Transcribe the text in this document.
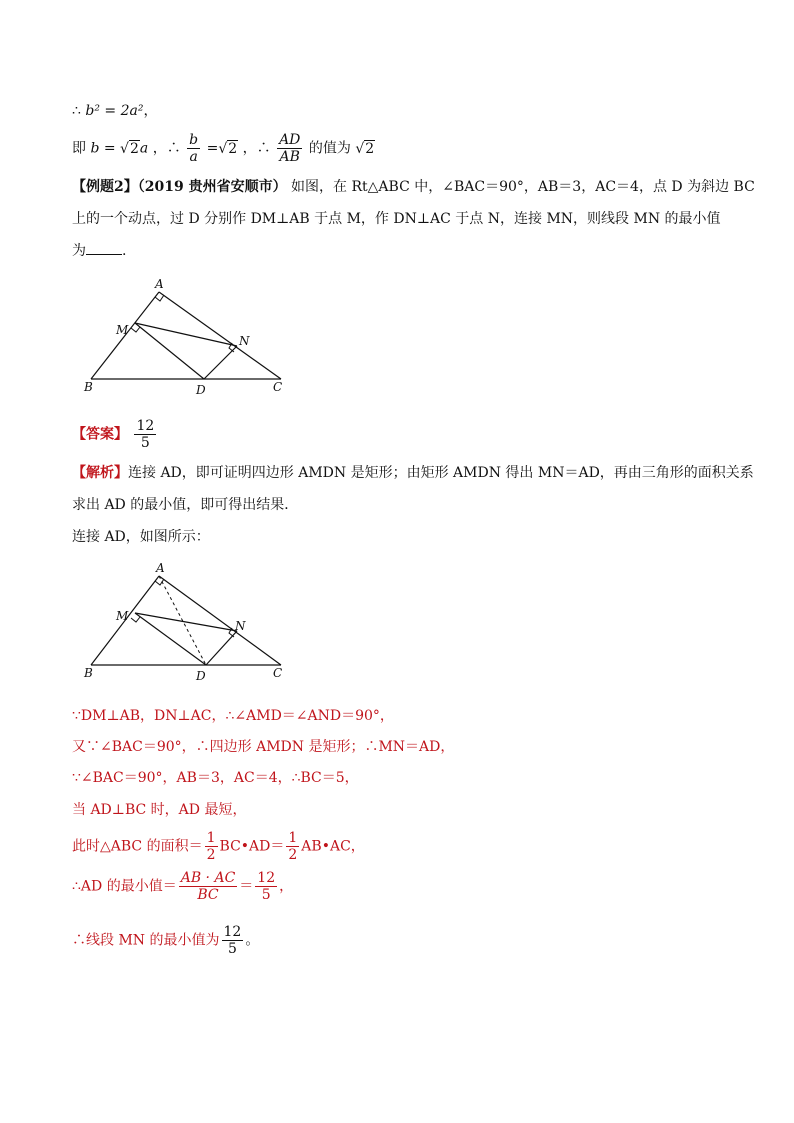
∴ b² = 2a²，
即 b = √2a ，∴ $\frac{b}{a} =√2$ ，∴ $\frac{AD}{AB}$ 的值为 √2
【例题2】（2019 贵州省安顺市） 如图，在 Rt△ABC 中，∠BAC＝90°，AB＝3，AC＝4，点 D 为斜边 BC
上的一个动点，过 D 分别作 DM⊥AB 于点 M，作 DN⊥AC 于点 N，连接 MN，则线段 MN 的最小值
为	.
A
M
N
B	D	C
【答案】 $\frac{12}{5}$
【解析】连接 AD，即可证明四边形 AMDN 是矩形；由矩形 AMDN 得出 MN＝AD，再由三角形的面积关系
求出 AD 的最小值，即可得出结果．
连接 AD，如图所示：
A
M
N
B	D	C
∵DM⊥AB，DN⊥AC，∴∠AMD＝∠AND＝90°，
又∵∠BAC＝90°，∴四边形 AMDN 是矩形；∴MN＝AD，
∵∠BAC＝90°，AB＝3，AC＝4，∴BC＝5，
当 AD⊥BC 时，AD 最短，
此时△ABC 的面积＝ $\frac{1}{2}$ BC•AD＝ $\frac{1}{2}$ AB•AC，
∴AD 的最小值＝ $\frac{AB \cdot AC}{BC} = \frac{12}{5}$ ，
∴线段 MN 的最小值为 $\frac{12}{5}$ 。
